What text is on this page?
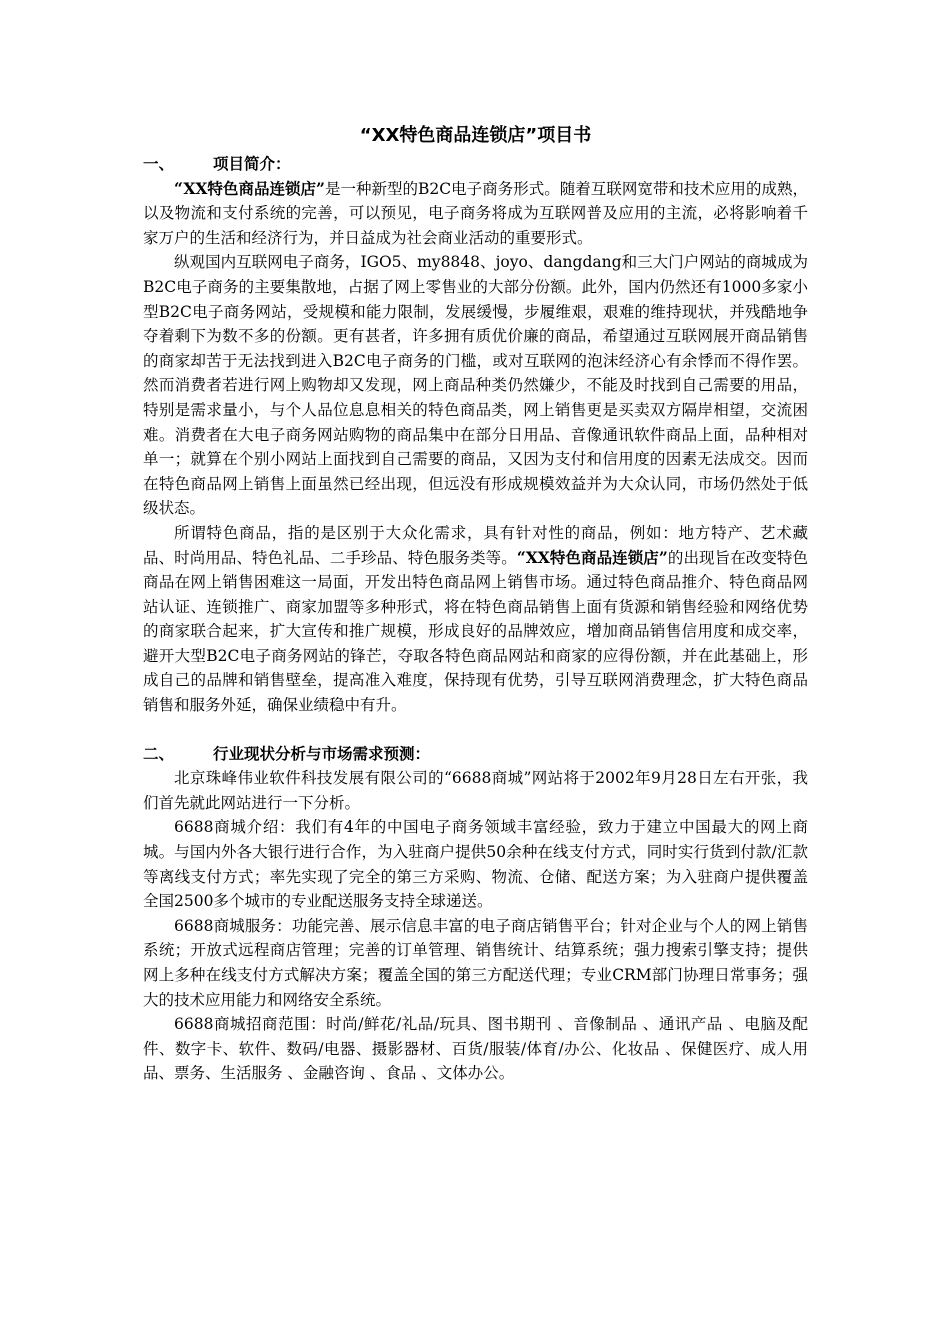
“XX特色商品连锁店”项目书
一、	项目简介：

“XX特色商品连锁店”是一种新型的B2C电子商务形式。随着互联网宽带和技术应用的成熟，以及物流和支付系统的完善，可以预见，电子商务将成为互联网普及应用的主流，必将影响着千家万户的生活和经济行为，并日益成为社会商业活动的重要形式。

纵观国内互联网电子商务，IGO5、my8848、joyo、dangdang和三大门户网站的商城成为B2C电子商务的主要集散地，占据了网上零售业的大部分份额。此外，国内仍然还有1000多家小型B2C电子商务网站，受规模和能力限制，发展缓慢，步履维艰，艰难的维持现状，并残酷地争夺着剩下为数不多的份额。更有甚者，许多拥有质优价廉的商品，希望通过互联网展开商品销售的商家却苦于无法找到进入B2C电子商务的门槛，或对互联网的泡沫经济心有余悸而不得作罢。然而消费者若进行网上购物却又发现，网上商品种类仍然嫌少，不能及时找到自己需要的用品，特别是需求量小，与个人品位息息相关的特色商品类，网上销售更是买卖双方隔岸相望，交流困难。消费者在大电子商务网站购物的商品集中在部分日用品、音像通讯软件商品上面，品种相对单一；就算在个别小网站上面找到自己需要的商品，又因为支付和信用度的因素无法成交。因而在特色商品网上销售上面虽然已经出现，但远没有形成规模效益并为大众认同，市场仍然处于低级状态。

所谓特色商品，指的是区别于大众化需求，具有针对性的商品，例如：地方特产、艺术藏品、时尚用品、特色礼品、二手珍品、特色服务类等。“XX特色商品连锁店”的出现旨在改变特色商品在网上销售困难这一局面，开发出特色商品网上销售市场。通过特色商品推介、特色商品网站认证、连锁推广、商家加盟等多种形式，将在特色商品销售上面有货源和销售经验和网络优势的商家联合起来，扩大宣传和推广规模，形成良好的品牌效应，增加商品销售信用度和成交率，避开大型B2C电子商务网站的锋芒，夺取各特色商品网站和商家的应得份额，并在此基础上，形成自己的品牌和销售壁垒，提高准入难度，保持现有优势，引导互联网消费理念，扩大特色商品销售和服务外延，确保业绩稳中有升。

二、	行业现状分析与市场需求预测：

北京珠峰伟业软件科技发展有限公司的“6688商城”网站将于2002年9月28日左右开张，我们首先就此网站进行一下分析。

6688商城介绍：我们有4年的中国电子商务领域丰富经验，致力于建立中国最大的网上商城。与国内外各大银行进行合作，为入驻商户提供50余种在线支付方式，同时实行货到付款/汇款等离线支付方式；率先实现了完全的第三方采购、物流、仓储、配送方案；为入驻商户提供覆盖全国2500多个城市的专业配送服务支持全球递送。

6688商城服务：功能完善、展示信息丰富的电子商店销售平台；针对企业与个人的网上销售系统；开放式远程商店管理；完善的订单管理、销售统计、结算系统；强力搜索引擎支持；提供网上多种在线支付方式解决方案；覆盖全国的第三方配送代理；专业CRM部门协理日常事务；强大的技术应用能力和网络安全系统。

6688商城招商范围：时尚/鲜花/礼品/玩具、图书期刊 、音像制品 、通讯产品 、电脑及配件、数字卡、软件、数码/电器、摄影器材、百货/服装/体育/办公、化妆品 、保健医疗、成人用品、票务、生活服务 、金融咨询 、食品 、文体办公。
